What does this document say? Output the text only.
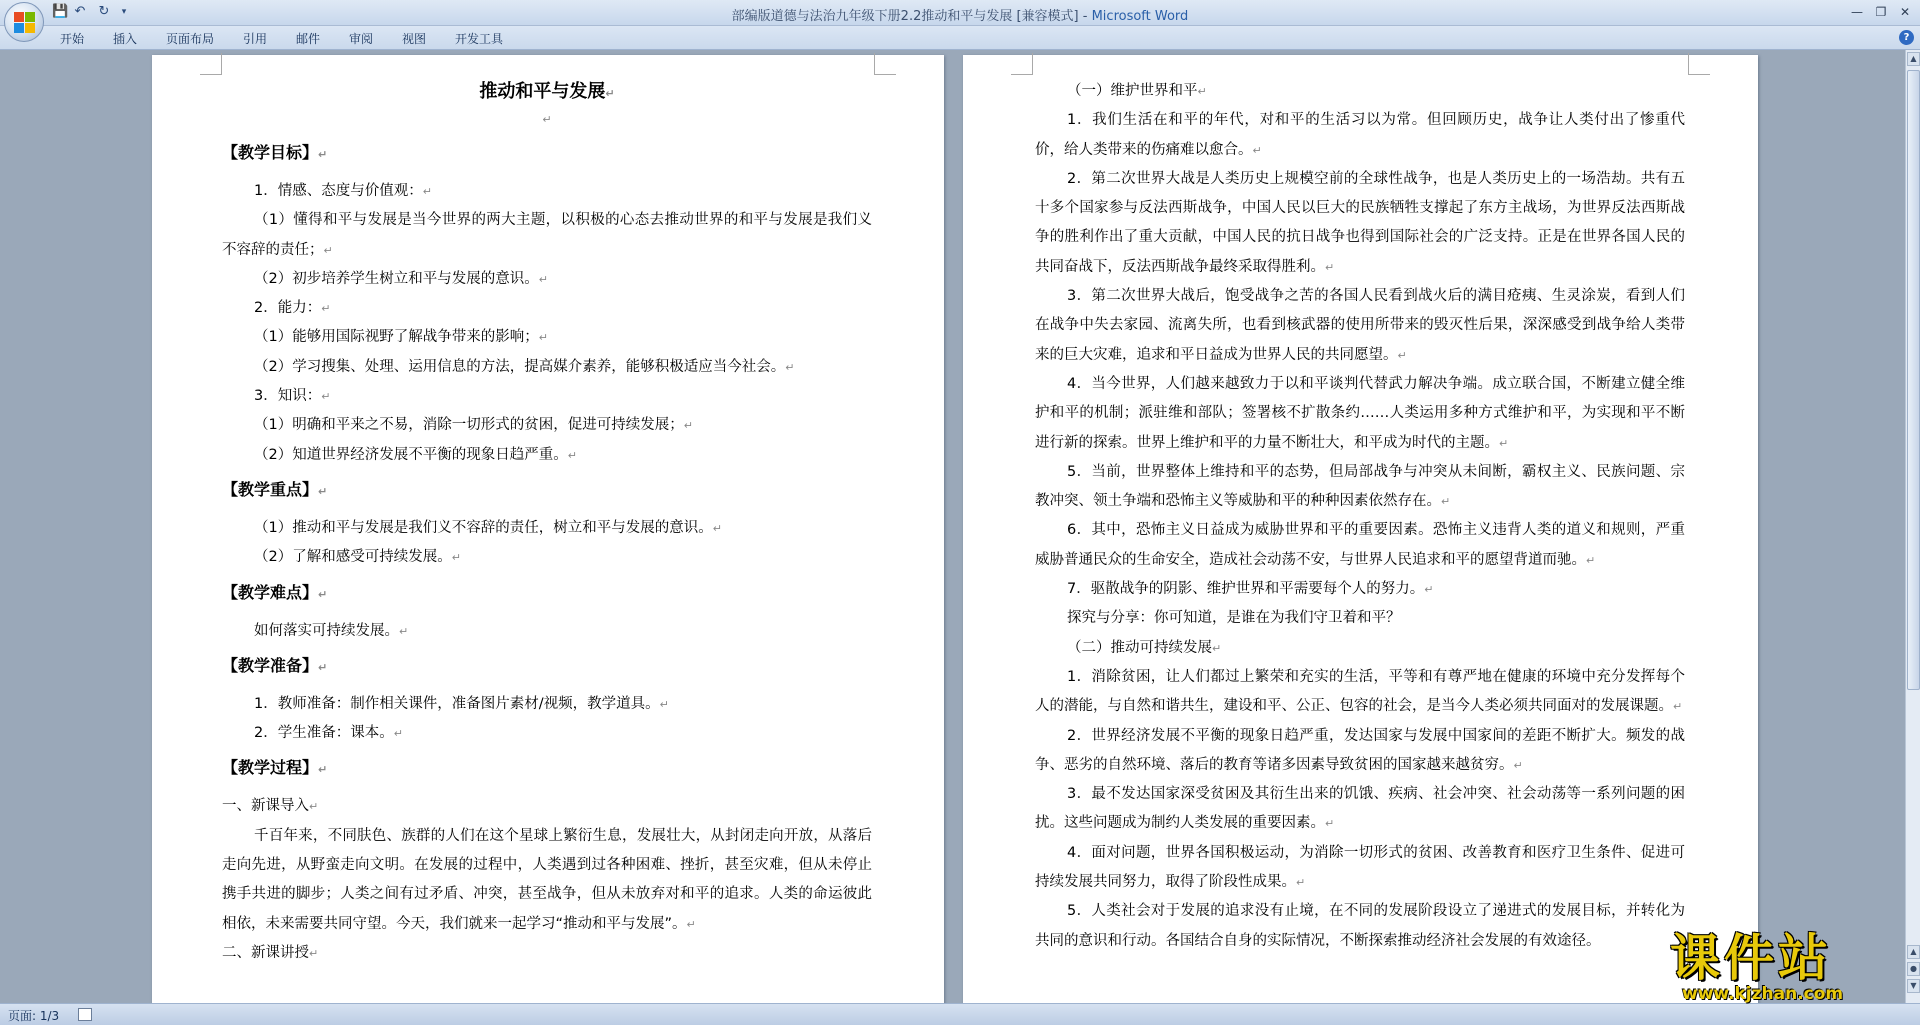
💾 ↶ ↻	▾	部编版道德与法治九年级下册2.2推动和平与发展 [兼容模式] - Microsoft Word	—	❐	✕
开始 插入 页面布局 引用 邮件 审阅 视图 开发工具	?
推动和平与发展↵
↵
【教学目标】↵
1．情感、态度与价值观：↵
（1）懂得和平与发展是当今世界的两大主题，以积极的心态去推动世界的和平与发展是我们义不容辞的责任；↵
（2）初步培养学生树立和平与发展的意识。↵
2．能力：↵
（1）能够用国际视野了解战争带来的影响；↵
（2）学习搜集、处理、运用信息的方法，提高媒介素养，能够积极适应当今社会。↵
3．知识：↵
（1）明确和平来之不易，消除一切形式的贫困，促进可持续发展；↵
（2）知道世界经济发展不平衡的现象日趋严重。↵
【教学重点】↵
（1）推动和平与发展是我们义不容辞的责任，树立和平与发展的意识。↵
（2）了解和感受可持续发展。↵
【教学难点】↵
如何落实可持续发展。↵
【教学准备】↵
1．教师准备：制作相关课件，准备图片素材/视频，教学道具。↵
2．学生准备：课本。↵
【教学过程】↵
一、新课导入↵
千百年来，不同肤色、族群的人们在这个星球上繁衍生息，发展壮大，从封闭走向开放，从落后走向先进，从野蛮走向文明。在发展的过程中，人类遇到过各种困难、挫折，甚至灾难，但从未停止携手共进的脚步；人类之间有过矛盾、冲突，甚至战争，但从未放弃对和平的追求。人类的命运彼此相依，未来需要共同守望。今天，我们就来一起学习“推动和平与发展”。↵
二、新课讲授↵
（一）维护世界和平↵
1．我们生活在和平的年代，对和平的生活习以为常。但回顾历史，战争让人类付出了惨重代价，给人类带来的伤痛难以愈合。↵
2．第二次世界大战是人类历史上规模空前的全球性战争，也是人类历史上的一场浩劫。共有五十多个国家参与反法西斯战争，中国人民以巨大的民族牺牲支撑起了东方主战场，为世界反法西斯战争的胜利作出了重大贡献，中国人民的抗日战争也得到国际社会的广泛支持。正是在世界各国人民的共同奋战下，反法西斯战争最终采取得胜利。↵
3．第二次世界大战后，饱受战争之苦的各国人民看到战火后的满目疮痍、生灵涂炭，看到人们在战争中失去家园、流离失所，也看到核武器的使用所带来的毁灭性后果，深深感受到战争给人类带来的巨大灾难，追求和平日益成为世界人民的共同愿望。↵
4．当今世界，人们越来越致力于以和平谈判代替武力解决争端。成立联合国，不断建立健全维护和平的机制；派驻维和部队；签署核不扩散条约……人类运用多种方式维护和平，为实现和平不断进行新的探索。世界上维护和平的力量不断壮大，和平成为时代的主题。↵
5．当前，世界整体上维持和平的态势，但局部战争与冲突从未间断，霸权主义、民族问题、宗教冲突、领土争端和恐怖主义等威胁和平的种种因素依然存在。↵
6．其中，恐怖主义日益成为威胁世界和平的重要因素。恐怖主义违背人类的道义和规则，严重威胁普通民众的生命安全，造成社会动荡不安，与世界人民追求和平的愿望背道而驰。↵
7．驱散战争的阴影、维护世界和平需要每个人的努力。↵
探究与分享：你可知道，是谁在为我们守卫着和平？
（二）推动可持续发展↵
1．消除贫困，让人们都过上繁荣和充实的生活，平等和有尊严地在健康的环境中充分发挥每个人的潜能，与自然和谐共生，建设和平、公正、包容的社会，是当今人类必须共同面对的发展课题。↵
2．世界经济发展不平衡的现象日趋严重，发达国家与发展中国家间的差距不断扩大。频发的战争、恶劣的自然环境、落后的教育等诸多因素导致贫困的国家越来越贫穷。↵
3．最不发达国家深受贫困及其衍生出来的饥饿、疾病、社会冲突、社会动荡等一系列问题的困扰。这些问题成为制约人类发展的重要因素。↵
4．面对问题，世界各国积极运动，为消除一切形式的贫困、改善教育和医疗卫生条件、促进可持续发展共同努力，取得了阶段性成果。↵
5．人类社会对于发展的追求没有止境，在不同的发展阶段设立了递进式的发展目标，并转化为共同的意识和行动。各国结合自身的实际情况，不断探索推动经济社会发展的有效途径。
▲
▲
●
▼
页面: 1/3
课件站
www.kjzhan.com
